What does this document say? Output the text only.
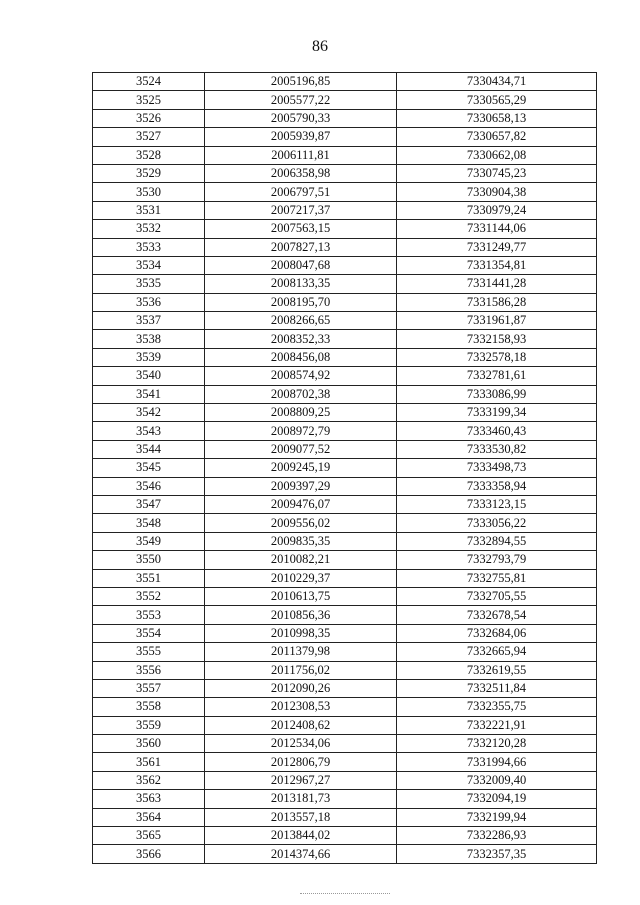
86
3524	2005196,85	7330434,71
3525	2005577,22	7330565,29
3526	2005790,33	7330658,13
3527	2005939,87	7330657,82
3528	2006111,81	7330662,08
3529	2006358,98	7330745,23
3530	2006797,51	7330904,38
3531	2007217,37	7330979,24
3532	2007563,15	7331144,06
3533	2007827,13	7331249,77
3534	2008047,68	7331354,81
3535	2008133,35	7331441,28
3536	2008195,70	7331586,28
3537	2008266,65	7331961,87
3538	2008352,33	7332158,93
3539	2008456,08	7332578,18
3540	2008574,92	7332781,61
3541	2008702,38	7333086,99
3542	2008809,25	7333199,34
3543	2008972,79	7333460,43
3544	2009077,52	7333530,82
3545	2009245,19	7333498,73
3546	2009397,29	7333358,94
3547	2009476,07	7333123,15
3548	2009556,02	7333056,22
3549	2009835,35	7332894,55
3550	2010082,21	7332793,79
3551	2010229,37	7332755,81
3552	2010613,75	7332705,55
3553	2010856,36	7332678,54
3554	2010998,35	7332684,06
3555	2011379,98	7332665,94
3556	2011756,02	7332619,55
3557	2012090,26	7332511,84
3558	2012308,53	7332355,75
3559	2012408,62	7332221,91
3560	2012534,06	7332120,28
3561	2012806,79	7331994,66
3562	2012967,27	7332009,40
3563	2013181,73	7332094,19
3564	2013557,18	7332199,94
3565	2013844,02	7332286,93
3566	2014374,66	7332357,35
